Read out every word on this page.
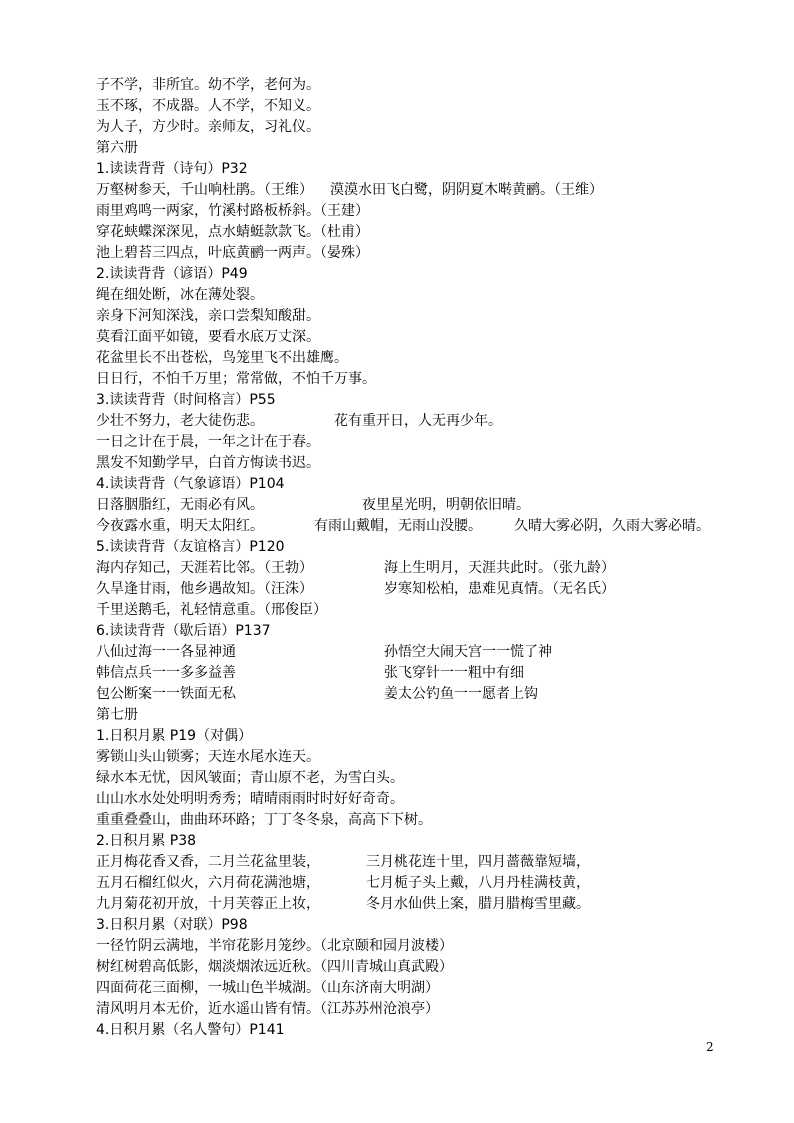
子不学，非所宜。幼不学，老何为。
玉不琢，不成器。人不学，不知义。
为人子，方少时。亲师友，习礼仪。
第六册
1.读读背背（诗句）P32
万壑树参天，千山响杜鹃。（王维） 漠漠水田飞白鹭，阴阴夏木啭黄鹂。（王维）
雨里鸡鸣一两家，竹溪村路板桥斜。（王建）
穿花蛱蝶深深见，点水蜻蜓款款飞。（杜甫）
池上碧苔三四点，叶底黄鹂一两声。（晏殊）
2.读读背背（谚语）P49
绳在细处断，冰在薄处裂。
亲身下河知深浅，亲口尝梨知酸甜。
莫看江面平如镜，要看水底万丈深。
花盆里长不出苍松，鸟笼里飞不出雄鹰。
日日行，不怕千万里；常常做，不怕千万事。
3.读读背背（时间格言）P55
少壮不努力，老大徒伤悲。	花有重开日，人无再少年。
一日之计在于晨，一年之计在于春。
黑发不知勤学早，白首方悔读书迟。
4.读读背背（气象谚语）P104
日落胭脂红，无雨必有风。	夜里星光明，明朝依旧晴。
今夜露水重，明天太阳红。	有雨山戴帽，无雨山没腰。 久晴大雾必阴，久雨大雾必晴。
5.读读背背（友谊格言）P120
海内存知己，天涯若比邻。（王勃）	海上生明月，天涯共此时。（张九龄）
久旱逢甘雨，他乡遇故知。（汪洙）	岁寒知松柏，患难见真情。（无名氏）
千里送鹅毛，礼轻情意重。（邢俊臣）
6.读读背背（歇后语）P137
八仙过海一一各显神通	孙悟空大闹天宫一一慌了神
韩信点兵一一多多益善	张飞穿针一一粗中有细
包公断案一一铁面无私	姜太公钓鱼一一愿者上钩
第七册
1.日积月累 P19（对偶）
雾锁山头山锁雾；天连水尾水连天。
绿水本无忧，因风皱面；青山原不老，为雪白头。
山山水水处处明明秀秀；晴晴雨雨时时好好奇奇。
重重叠叠山，曲曲环环路；丁丁冬冬泉，高高下下树。
2.日积月累 P38
正月梅花香又香，二月兰花盆里装，	三月桃花连十里，四月蔷薇靠短墙，
五月石榴红似火，六月荷花满池塘，	七月栀子头上戴，八月丹桂满枝黄，
九月菊花初开放，十月芙蓉正上妆，	冬月水仙供上案，腊月腊梅雪里藏。
3.日积月累（对联）P98
一径竹阴云满地，半帘花影月笼纱。（北京颐和园月波楼）
树红树碧高低影，烟淡烟浓远近秋。（四川青城山真武殿）
四面荷花三面柳，一城山色半城湖。（山东济南大明湖）
清风明月本无价，近水遥山皆有情。（江苏苏州沧浪亭）
4.日积月累（名人警句）P141
2
